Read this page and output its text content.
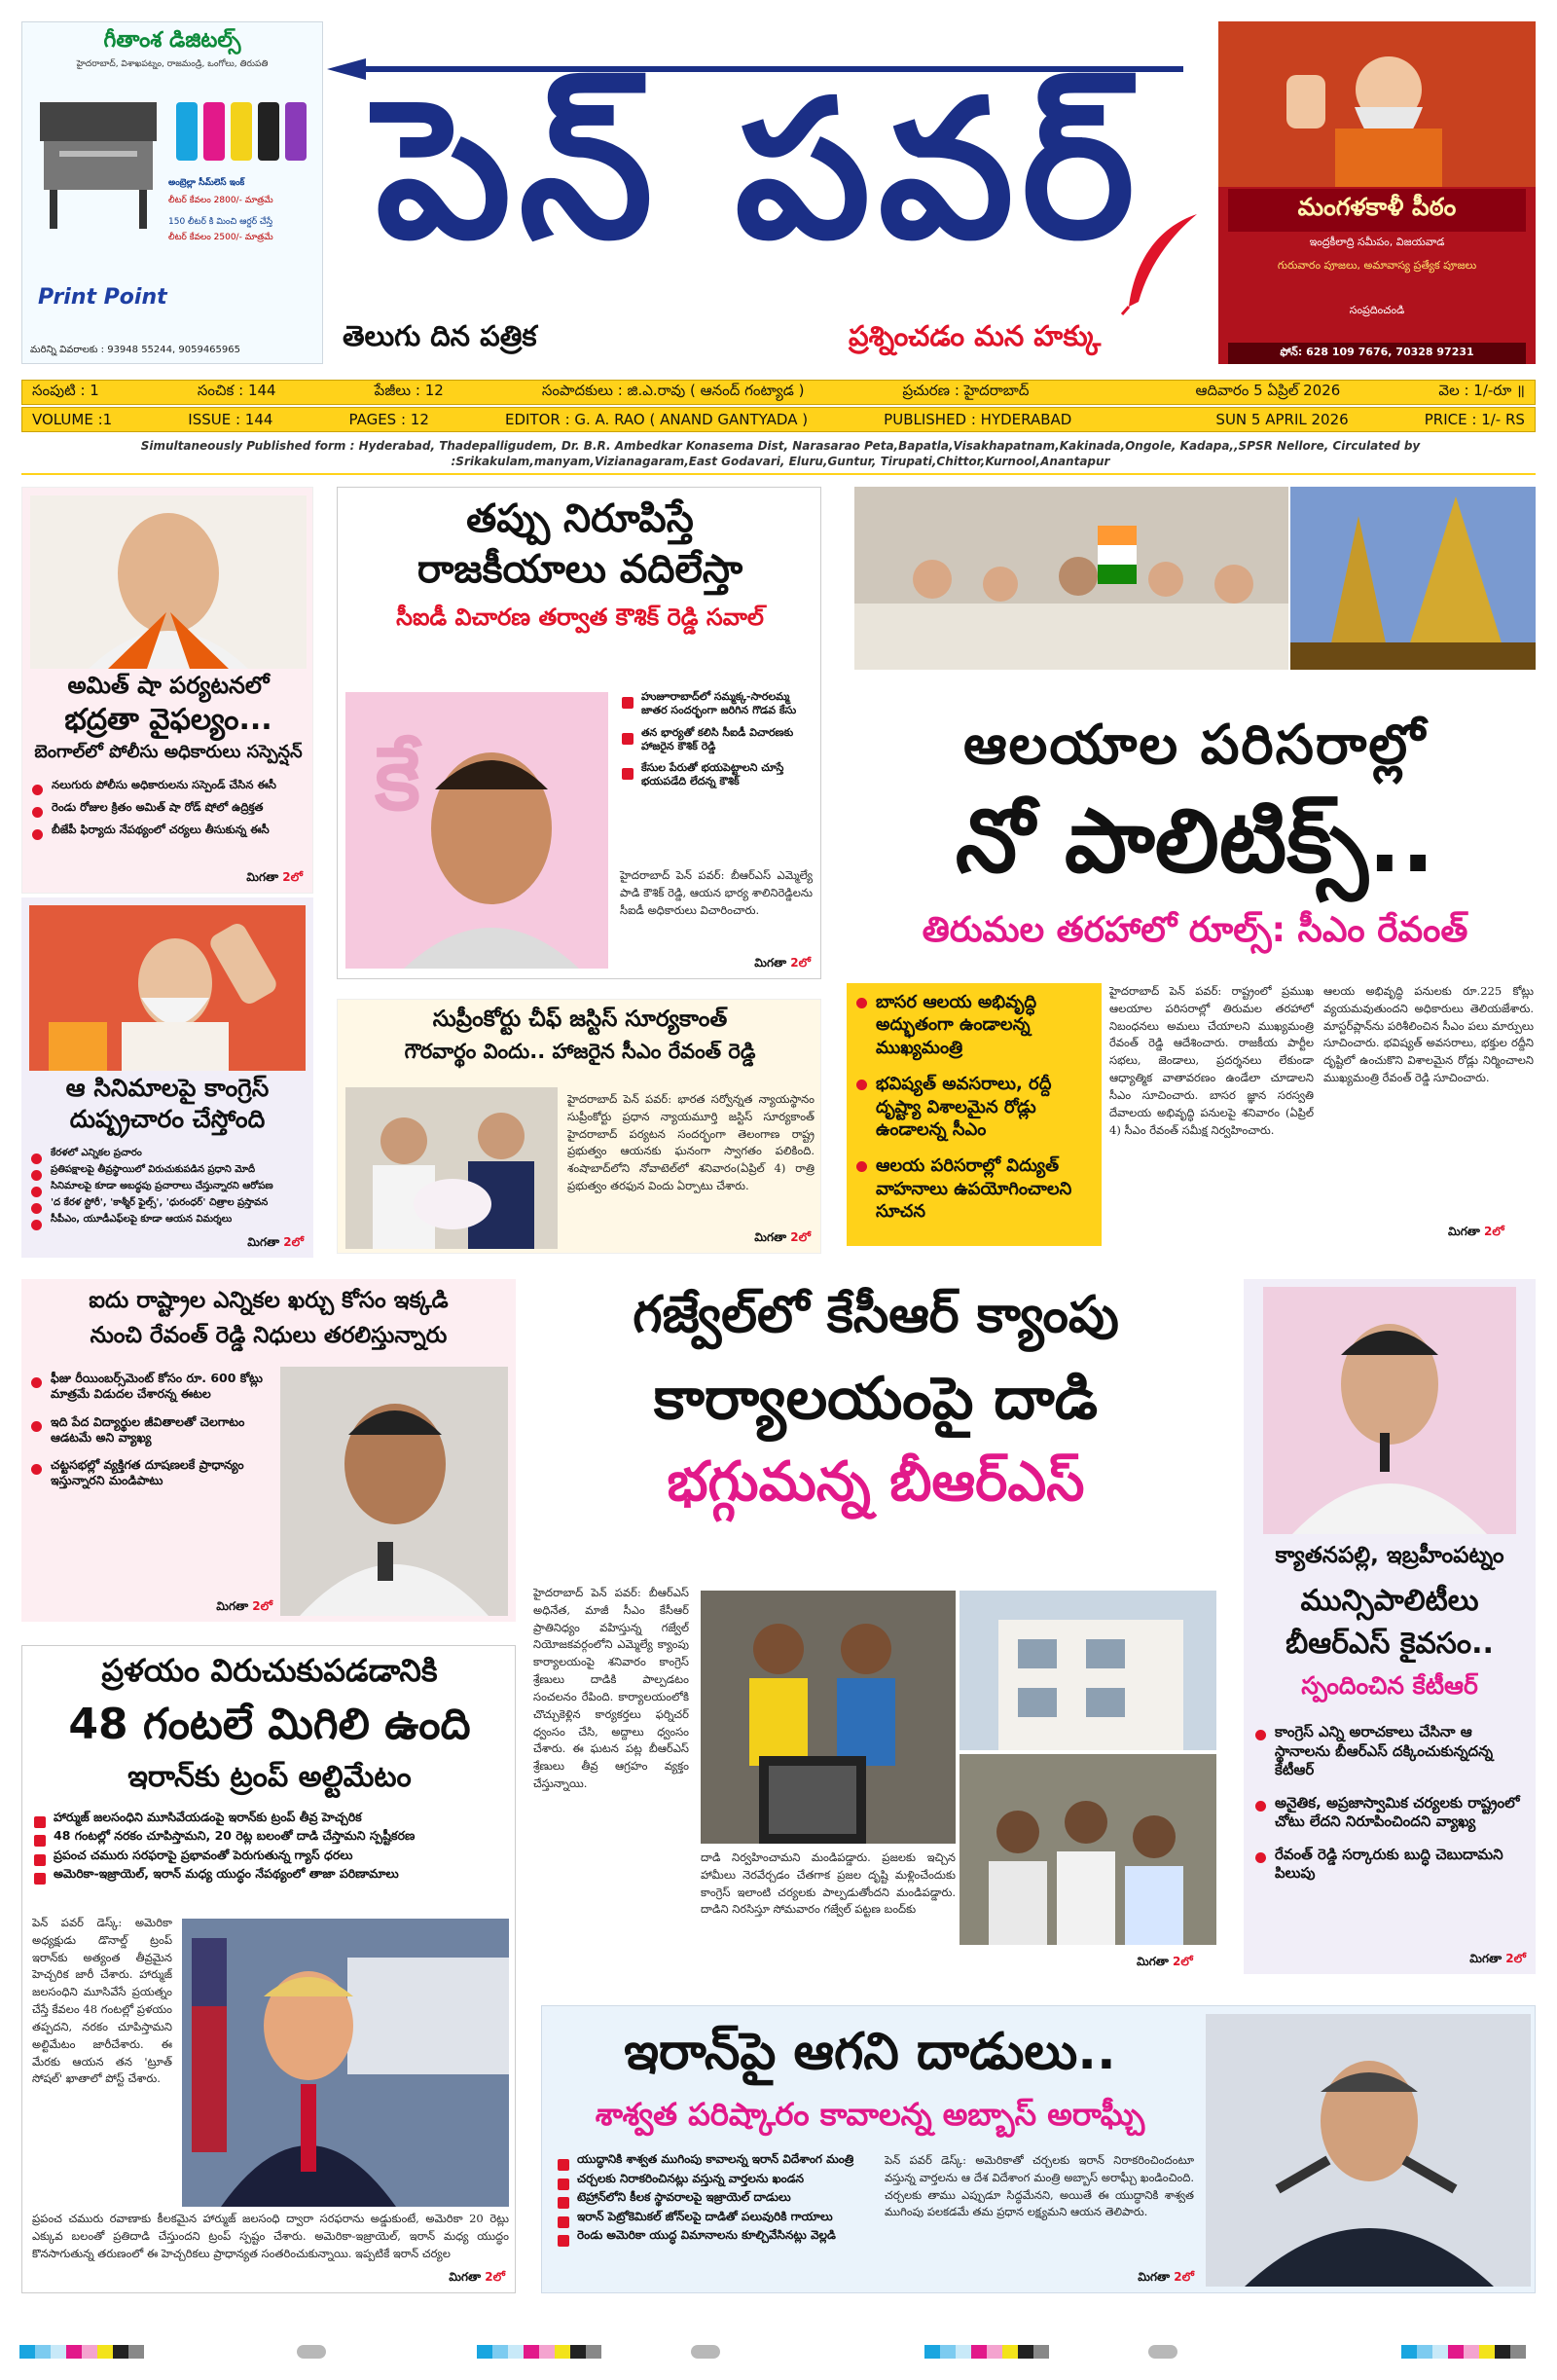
గీతాంశ డిజిటల్స్
హైదరాబాద్, విశాఖపట్నం, రాజమండ్రి, ఒంగోలు, తిరుపతి
అంబ్రెల్లా సీమ్‌లెస్ ఇంక్
లీటర్ కేవలం 2800/- మాత్రమే
150 లీటర్ కి మించి ఆర్డర్ చేస్తే
లీటర్ కేవలం 2500/- మాత్రమే
Print Point
మరిన్ని వివరాలకు : 93948 55244, 9059465965
పెన్ పవర్
తెలుగు దిన పత్రిక	ప్రశ్నించడం మన హక్కు
మంగళకాళీ పీఠం
ఇంద్రకీలాద్రి సమీపం, విజయవాడ
గురువారం పూజలు, అమావాస్య ప్రత్యేక పూజలు
సంప్రదించండి
ఫోన్: 628 109 7676, 70328 97231
సంపుటి : 1	సంచిక : 144	పేజీలు : 12	సంపాదకులు : జి.ఎ.రావు ( ఆనంద్ గంట్యాడ )	ప్రచురణ : హైదరాబాద్	ఆదివారం 5 ఏప్రిల్ 2026	వెల : 1/-రూ ॥
VOLUME :1	ISSUE : 144	PAGES : 12	EDITOR : G. A. RAO ( ANAND GANTYADA )	PUBLISHED : HYDERABAD	SUN 5 APRIL 2026	PRICE : 1/- RS
Simultaneously Published form : Hyderabad, Thadepalligudem, Dr. B.R. Ambedkar Konasema Dist, Narasarao Peta,Bapatla,Visakhapatnam,Kakinada,Ongole, Kadapa,,SPSR Nellore, Circulated by :Srikakulam,manyam,Vizianagaram,East Godavari, Eluru,Guntur, Tirupati,Chittor,Kurnool,Anantapur
అమిత్ షా పర్యటనలో
భద్రతా వైఫల్యం...
బెంగాల్‌లో పోలీసు అధికారులు సస్పెన్షన్
నలుగురు పోలీసు అధికారులను సస్పెండ్ చేసిన ఈసీ
రెండు రోజుల క్రితం అమిత్ షా రోడ్ షోలో ఉద్రిక్తత
బీజేపీ ఫిర్యాదు నేపథ్యంలో చర్యలు తీసుకున్న ఈసీ
మిగతా 2లో
తప్పు నిరూపిస్తే
రాజకీయాలు వదిలేస్తా
సీఐడీ విచారణ తర్వాత కౌశిక్ రెడ్డి సవాల్
కే
హుజూరాబాద్‌లో సమ్మక్క-సారలమ్మ జాతర సందర్భంగా జరిగిన గొడవ కేసు
తన భార్యతో కలిసి సీఐడీ విచారణకు హాజరైన కౌశిక్ రెడ్డి
కేసుల పేరుతో భయపెట్టాలని చూస్తే భయపడేది లేదన్న కౌశిక్
హైదరాబాద్ పెన్ పవర్: బీఆర్ఎస్ ఎమ్మెల్యే పాడి కౌశిక్ రెడ్డి, ఆయన భార్య శాలినిరెడ్డిలను సీఐడీ అధికారులు విచారించారు.
మిగతా 2లో
ఆలయాల పరిసరాల్లో
నో పాలిటిక్స్..
తిరుమల తరహాలో రూల్స్: సీఎం రేవంత్
బాసర ఆలయ అభివృద్ధి అద్భుతంగా ఉండాలన్న ముఖ్యమంత్రి
భవిష్యత్ అవసరాలు, రద్దీ దృష్ట్యా విశాలమైన రోడ్లు ఉండాలన్న సీఎం
ఆలయ పరిసరాల్లో విద్యుత్ వాహనాలు ఉపయోగించాలని సూచన
హైదరాబాద్ పెన్ పవర్: రాష్ట్రంలో ప్రముఖ ఆలయాల పరిసరాల్లో తిరుమల తరహాలో నిబంధనలు అమలు చేయాలని ముఖ్యమంత్రి రేవంత్ రెడ్డి ఆదేశించారు. రాజకీయ పార్టీల సభలు, జెండాలు, ప్రదర్శనలు లేకుండా ఆధ్యాత్మిక వాతావరణం ఉండేలా చూడాలని సీఎం సూచించారు. బాసర జ్ఞాన సరస్వతి దేవాలయ అభివృద్ధి పనులపై శనివారం (ఏప్రిల్ 4) సీఎం రేవంత్ సమీక్ష నిర్వహించారు.
ఆలయ అభివృద్ధి పనులకు రూ.225 కోట్లు వ్యయమవుతుందని అధికారులు తెలియజేశారు. మాస్టర్‌ప్లాన్‌ను పరిశీలించిన సీఎం పలు మార్పులు సూచించారు. భవిష్యత్ అవసరాలు, భక్తుల రద్దీని దృష్టిలో ఉంచుకొని విశాలమైన రోడ్లు నిర్మించాలని ముఖ్యమంత్రి రేవంత్ రెడ్డి సూచించారు.
మిగతా 2లో
ఆ సినిమాలపై కాంగ్రెస్
దుష్ప్రచారం చేస్తోంది
కేరళలో ఎన్నికల ప్రచారం
ప్రతిపక్షాలపై తీవ్రస్థాయిలో విరుచుకుపడిన ప్రధాని మోదీ
సినిమాలపై కూడా అబద్ధపు ప్రచారాలు చేస్తున్నారని ఆరోపణ
'ద కేరళ స్టోరీ', 'కాశ్మీర్ ఫైల్స్', 'ధురంధర్' చిత్రాల ప్రస్తావన
సీపీఎం, యూడీఎఫ్‌లపై కూడా ఆయన విమర్శలు
మిగతా 2లో
సుప్రీంకోర్టు చీఫ్ జస్టిస్ సూర్యకాంత్
గౌరవార్థం విందు.. హాజరైన సీఎం రేవంత్ రెడ్డి
హైదరాబాద్ పెన్ పవర్: భారత సర్వోన్నత న్యాయస్థానం సుప్రీంకోర్టు ప్రధాన న్యాయమూర్తి జస్టిస్ సూర్యకాంత్ హైదరాబాద్ పర్యటన సందర్భంగా తెలంగాణ రాష్ట్ర ప్రభుత్వం ఆయనకు ఘనంగా స్వాగతం పలికింది. శంషాబాద్‌లోని నోవాటెల్‌లో శనివారం(ఏప్రిల్ 4) రాత్రి ప్రభుత్వం తరఫున విందు ఏర్పాటు చేశారు.
మిగతా 2లో
ఐదు రాష్ట్రాల ఎన్నికల ఖర్చు కోసం ఇక్కడి
నుంచి రేవంత్ రెడ్డి నిధులు తరలిస్తున్నారు
ఫీజు రీయింబర్స్‌మెంట్ కోసం రూ. 600 కోట్లు మాత్రమే విడుదల చేశారన్న ఈటల
ఇది పేద విద్యార్థుల జీవితాలతో చెలగాటం ఆడటమే అని వ్యాఖ్య
చట్టసభల్లో వ్యక్తిగత దూషణలకే ప్రాధాన్యం ఇస్తున్నారని మండిపాటు
మిగతా 2లో
గజ్వేల్‌లో కేసీఆర్ క్యాంపు
కార్యాలయంపై దాడి
భగ్గుమన్న బీఆర్ఎస్
హైదరాబాద్ పెన్ పవర్: బీఆర్ఎస్ అధినేత, మాజీ సీఎం కేసీఆర్ ప్రాతినిధ్యం వహిస్తున్న గజ్వేల్ నియోజకవర్గంలోని ఎమ్మెల్యే క్యాంపు కార్యాలయంపై శనివారం కాంగ్రెస్ శ్రేణులు దాడికి పాల్పడటం సంచలనం రేపింది. కార్యాలయంలోకి చొచ్చుకెళ్లిన కార్యకర్తలు ఫర్నిచర్ ధ్వంసం చేసి, అద్దాలు ధ్వంసం చేశారు. ఈ ఘటన పట్ల బీఆర్ఎస్ శ్రేణులు తీవ్ర ఆగ్రహం వ్యక్తం చేస్తున్నాయి.
దాడి నిర్వహించామని మండిపడ్డారు. ప్రజలకు ఇచ్చిన హామీలు నెరవేర్చడం చేతగాక ప్రజల దృష్టి మళ్లించేందుకు కాంగ్రెస్ ఇలాంటి చర్యలకు పాల్పడుతోందని మండిపడ్డారు. దాడిని నిరసిస్తూ సోమవారం గజ్వేల్ పట్టణ బంద్‌కు
మిగతా 2లో
క్యాతనపల్లి, ఇబ్రహీంపట్నం
మున్సిపాలిటీలు
బీఆర్ఎస్ కైవసం..
స్పందించిన కేటీఆర్
కాంగ్రెస్ ఎన్ని అరాచకాలు చేసినా ఆ స్థానాలను బీఆర్ఎస్ దక్కించుకున్నదన్న కేటీఆర్
అనైతిక, అప్రజాస్వామిక చర్యలకు రాష్ట్రంలో చోటు లేదని నిరూపించిందని వ్యాఖ్య
రేవంత్ రెడ్డి సర్కారుకు బుద్ధి చెబుదామని పిలుపు
మిగతా 2లో
ప్రళయం విరుచుకుపడడానికి
48 గంటలే మిగిలి ఉంది
ఇరాన్‌కు ట్రంప్ అల్టిమేటం
హార్ముజ్ జలసంధిని మూసివేయడంపై ఇరాన్‌కు ట్రంప్ తీవ్ర హెచ్చరిక
48 గంటల్లో నరకం చూపిస్తామని, 20 రెట్ల బలంతో దాడి చేస్తామని స్పష్టీకరణ
ప్రపంచ చమురు సరఫరాపై ప్రభావంతో పెరుగుతున్న గ్యాస్ ధరలు
అమెరికా-ఇజ్రాయెల్, ఇరాన్ మధ్య యుద్ధం నేపథ్యంలో తాజా పరిణామాలు
పెన్ పవర్ డెస్క్: అమెరికా అధ్యక్షుడు డొనాల్డ్ ట్రంప్ ఇరాన్‌కు అత్యంత తీవ్రమైన హెచ్చరిక జారీ చేశారు. హార్ముజ్ జలసంధిని మూసివేసే ప్రయత్నం చేస్తే కేవలం 48 గంటల్లో ప్రళయం తప్పదని, నరకం చూపిస్తామని అల్టిమేటం జారీచేశారు. ఈ మేరకు ఆయన తన 'ట్రూత్ సోషల్' ఖాతాలో పోస్ట్ చేశారు.
ప్రపంచ చమురు రవాణాకు కీలకమైన హార్ముజ్ జలసంధి ద్వారా సరఫరాను అడ్డుకుంటే, అమెరికా 20 రెట్లు ఎక్కువ బలంతో ప్రతిదాడి చేస్తుందని ట్రంప్ స్పష్టం చేశారు. అమెరికా-ఇజ్రాయెల్, ఇరాన్ మధ్య యుద్ధం కొనసాగుతున్న తరుణంలో ఈ హెచ్చరికలు ప్రాధాన్యత సంతరించుకున్నాయి. ఇప్పటికే ఇరాన్ చర్యల
మిగతా 2లో
ఇరాన్‌పై ఆగని దాడులు..
శాశ్వత పరిష్కారం కావాలన్న అబ్బాస్ అరాఘ్చీ
యుద్ధానికి శాశ్వత ముగింపు కావాలన్న ఇరాన్ విదేశాంగ మంత్రి
చర్చలకు నిరాకరించినట్లు వస్తున్న వార్తలను ఖండన
టెహ్రాన్‌లోని కీలక స్థావరాలపై ఇజ్రాయెల్ దాడులు
ఇరాన్ పెట్రోకెమికల్ జోన్‌లపై దాడితో పలువురికి గాయాలు
రెండు అమెరికా యుద్ధ విమానాలను కూల్చివేసినట్లు వెల్లడి
పెన్ పవర్ డెస్క్: అమెరికాతో చర్చలకు ఇరాన్ నిరాకరించిందంటూ వస్తున్న వార్తలను ఆ దేశ విదేశాంగ మంత్రి అబ్బాస్ అరాఘ్చీ ఖండించింది. చర్చలకు తాము ఎప్పుడూ సిద్ధమేనని, అయితే ఈ యుద్ధానికి శాశ్వత ముగింపు పలకడమే తమ ప్రధాన లక్ష్యమని ఆయన తెలిపారు.
మిగతా 2లో
